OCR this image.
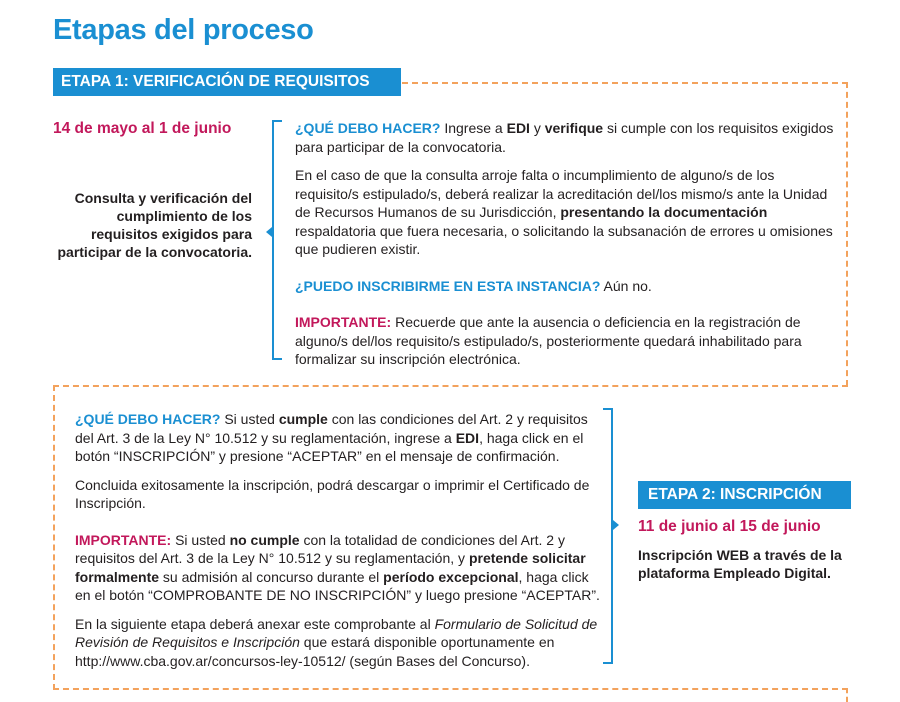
Etapas del proceso
ETAPA 1: VERIFICACIÓN DE REQUISITOS
14 de mayo al 1 de junio
Consulta y verificación del cumplimiento de los requisitos exigidos para participar de la convocatoria.

¿QUÉ DEBO HACER? Ingrese a EDI y verifique si cumple con los requisitos exigidos para participar de la convocatoria.

En el caso de que la consulta arroje falta o incumplimiento de alguno/s de los requisito/s estipulado/s, deberá realizar la acreditación del/los mismo/s ante la Unidad de Recursos Humanos de su Jurisdicción, presentando la documentación respaldatoria que fuera necesaria, o solicitando la subsanación de errores u omisiones que pudieren existir.

¿PUEDO INSCRIBIRME EN ESTA INSTANCIA? Aún no.

IMPORTANTE: Recuerde que ante la ausencia o deficiencia en la registración de alguno/s del/los requisito/s estipulado/s, posteriormente quedará inhabilitado para formalizar su inscripción electrónica.

¿QUÉ DEBO HACER? Si usted cumple con las condiciones del Art. 2 y requisitos del Art. 3 de la Ley N° 10.512 y su reglamentación, ingrese a EDI, haga click en el botón “INSCRIPCIÓN” y presione “ACEPTAR” en el mensaje de confirmación.

Concluida exitosamente la inscripción, podrá descargar o imprimir el Certificado de Inscripción.

IMPORTANTE: Si usted no cumple con la totalidad de condiciones del Art. 2 y requisitos del Art. 3 de la Ley N° 10.512 y su reglamentación, y pretende solicitar formalmente su admisión al concurso durante el período excepcional, haga click en el botón “COMPROBANTE DE NO INSCRIPCIÓN” y luego presione “ACEPTAR”.

En la siguiente etapa deberá anexar este comprobante al Formulario de Solicitud de Revisión de Requisitos e Inscripción que estará disponible oportunamente en http://www.cba.gov.ar/concursos-ley-10512/ (según Bases del Concurso).

ETAPA 2: INSCRIPCIÓN
11 de junio al 15 de junio
Inscripción WEB a través de la plataforma Empleado Digital.
